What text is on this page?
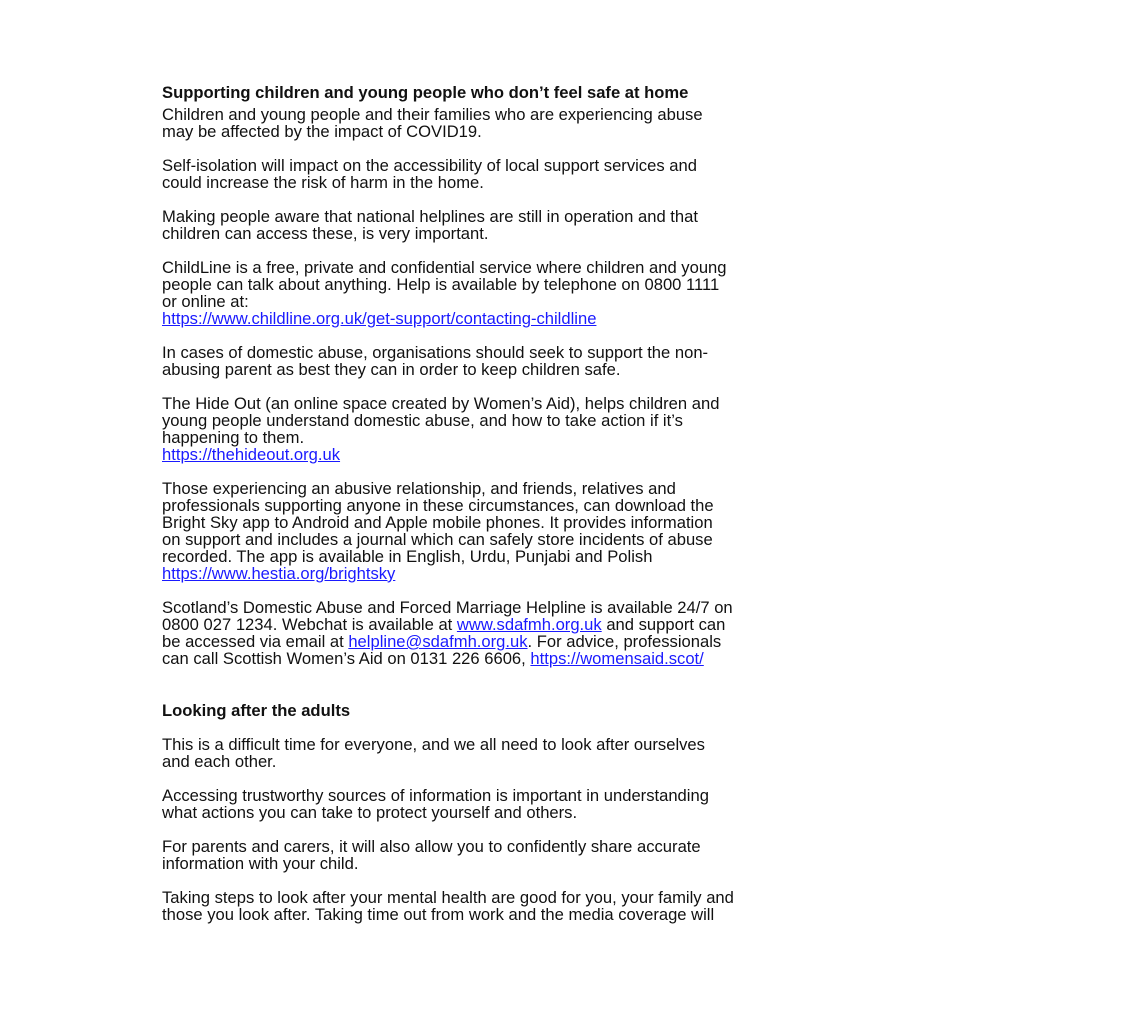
Supporting children and young people who don’t feel safe at home
Children and young people and their families who are experiencing abuse
may be affected by the impact of COVID19.
Self-isolation will impact on the accessibility of local support services and
could increase the risk of harm in the home.
Making people aware that national helplines are still in operation and that
children can access these, is very important.
ChildLine is a free, private and confidential service where children and young
people can talk about anything. Help is available by telephone on 0800 1111
or online at:
https://www.childline.org.uk/get-support/contacting-childline
In cases of domestic abuse, organisations should seek to support the non-
abusing parent as best they can in order to keep children safe.
The Hide Out (an online space created by Women’s Aid), helps children and
young people understand domestic abuse, and how to take action if it’s
happening to them.
https://thehideout.org.uk
Those experiencing an abusive relationship, and friends, relatives and
professionals supporting anyone in these circumstances, can download the
Bright Sky app to Android and Apple mobile phones. It provides information
on support and includes a journal which can safely store incidents of abuse
recorded. The app is available in English, Urdu, Punjabi and Polish
https://www.hestia.org/brightsky
Scotland’s Domestic Abuse and Forced Marriage Helpline is available 24/7 on
0800 027 1234. Webchat is available at www.sdafmh.org.uk and support can
be accessed via email at helpline@sdafmh.org.uk. For advice, professionals
can call Scottish Women’s Aid on 0131 226 6606, https://womensaid.scot/
Looking after the adults
This is a difficult time for everyone, and we all need to look after ourselves
and each other.
Accessing trustworthy sources of information is important in understanding
what actions you can take to protect yourself and others.
For parents and carers, it will also allow you to confidently share accurate
information with your child.
Taking steps to look after your mental health are good for you, your family and
those you look after. Taking time out from work and the media coverage will
